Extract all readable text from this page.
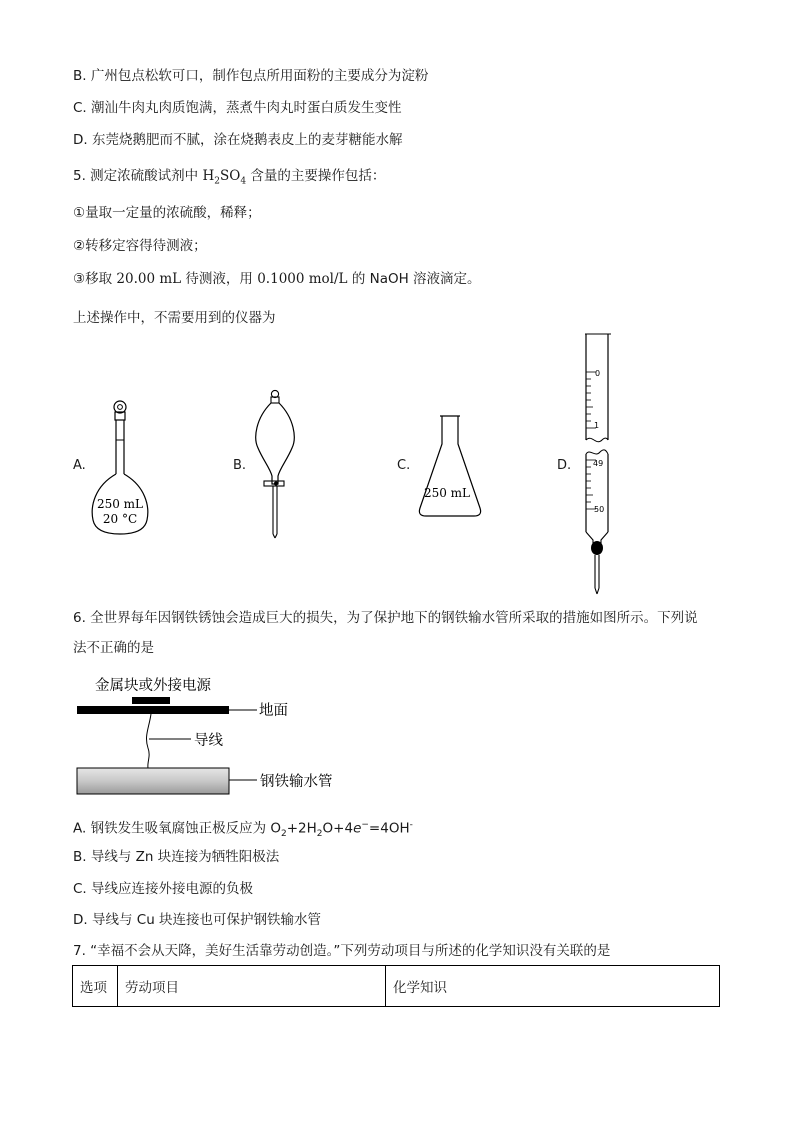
B. 广州包点松软可口，制作包点所用面粉的主要成分为淀粉
C. 潮汕牛肉丸肉质饱满，蒸煮牛肉丸时蛋白质发生变性
D. 东莞烧鹅肥而不腻，涂在烧鹅表皮上的麦芽糖能水解
5. 测定浓硫酸试剂中 $H_2SO_4$ 含量的主要操作包括：
①量取一定量的浓硫酸，稀释；
②转移定容得待测液；
③移取 20.00 mL 待测液，用 0.1000 mol/L 的 NaOH 溶液滴定。
上述操作中，不需要用到的仪器为
A.	B.	C.	D.
250 mL
20 °C
250 mL
0
1
49
50
6. 全世界每年因钢铁锈蚀会造成巨大的损失，为了保护地下的钢铁输水管所采取的措施如图所示。下列说
法不正确的是
金属块或外接电源
地面
导线
钢铁输水管
A. 钢铁发生吸氧腐蚀正极反应为 $O_2+2H_2O+4e^-=4OH^-$
B. 导线与 Zn 块连接为牺牲阳极法
C. 导线应连接外接电源的负极
D. 导线与 Cu 块连接也可保护钢铁输水管
7. “幸福不会从天降，美好生活靠劳动创造。”下列劳动项目与所述的化学知识没有关联的是
选项	劳动项目	化学知识
